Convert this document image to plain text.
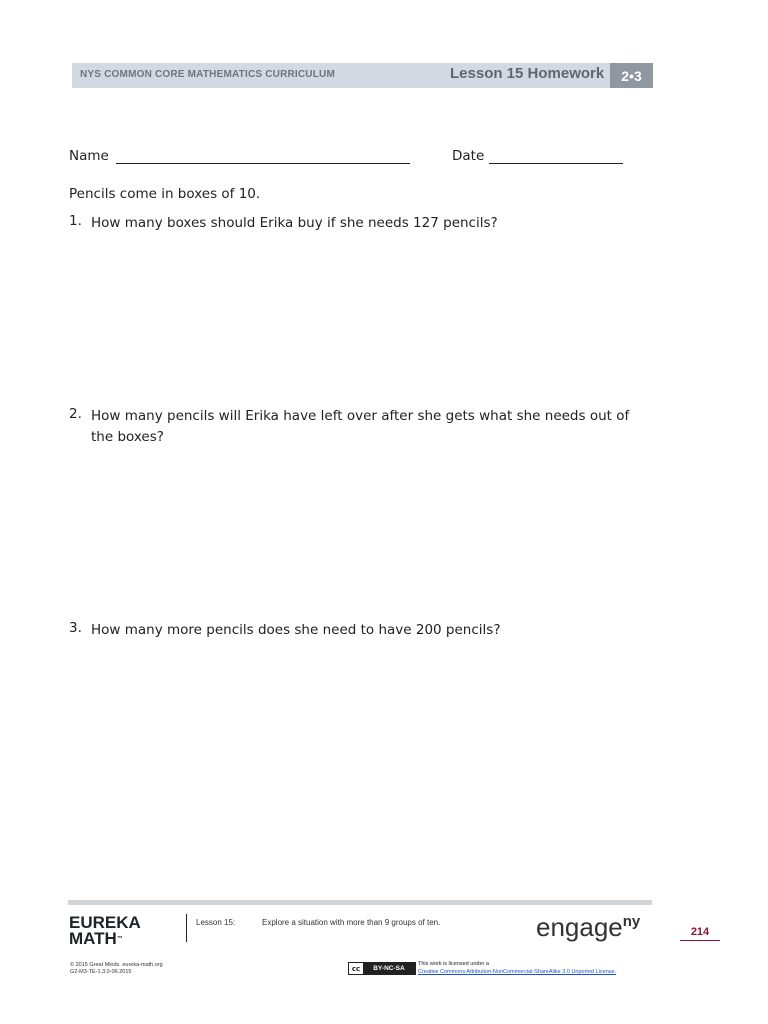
NYS COMMON CORE MATHEMATICS CURRICULUM	Lesson 15 Homework	2•3
Name	Date
Pencils come in boxes of 10.
1. How many boxes should Erika buy if she needs 127 pencils?
2. How many pencils will Erika have left over after she gets what she needs out of the boxes?
3. How many more pencils does she need to have 200 pencils?
EUREKA
MATH™
Lesson 15:	Explore a situation with more than 9 groups of ten.	engage$^{ny}$
214
© 2015 Great Minds. eureka-math.org
G2-M3-TE-1.3.0-06.2015	cc	BY-NC-SA
This work is licensed under a
Creative Commons Attribution-NonCommercial-ShareAlike 3.0 Unported License.
